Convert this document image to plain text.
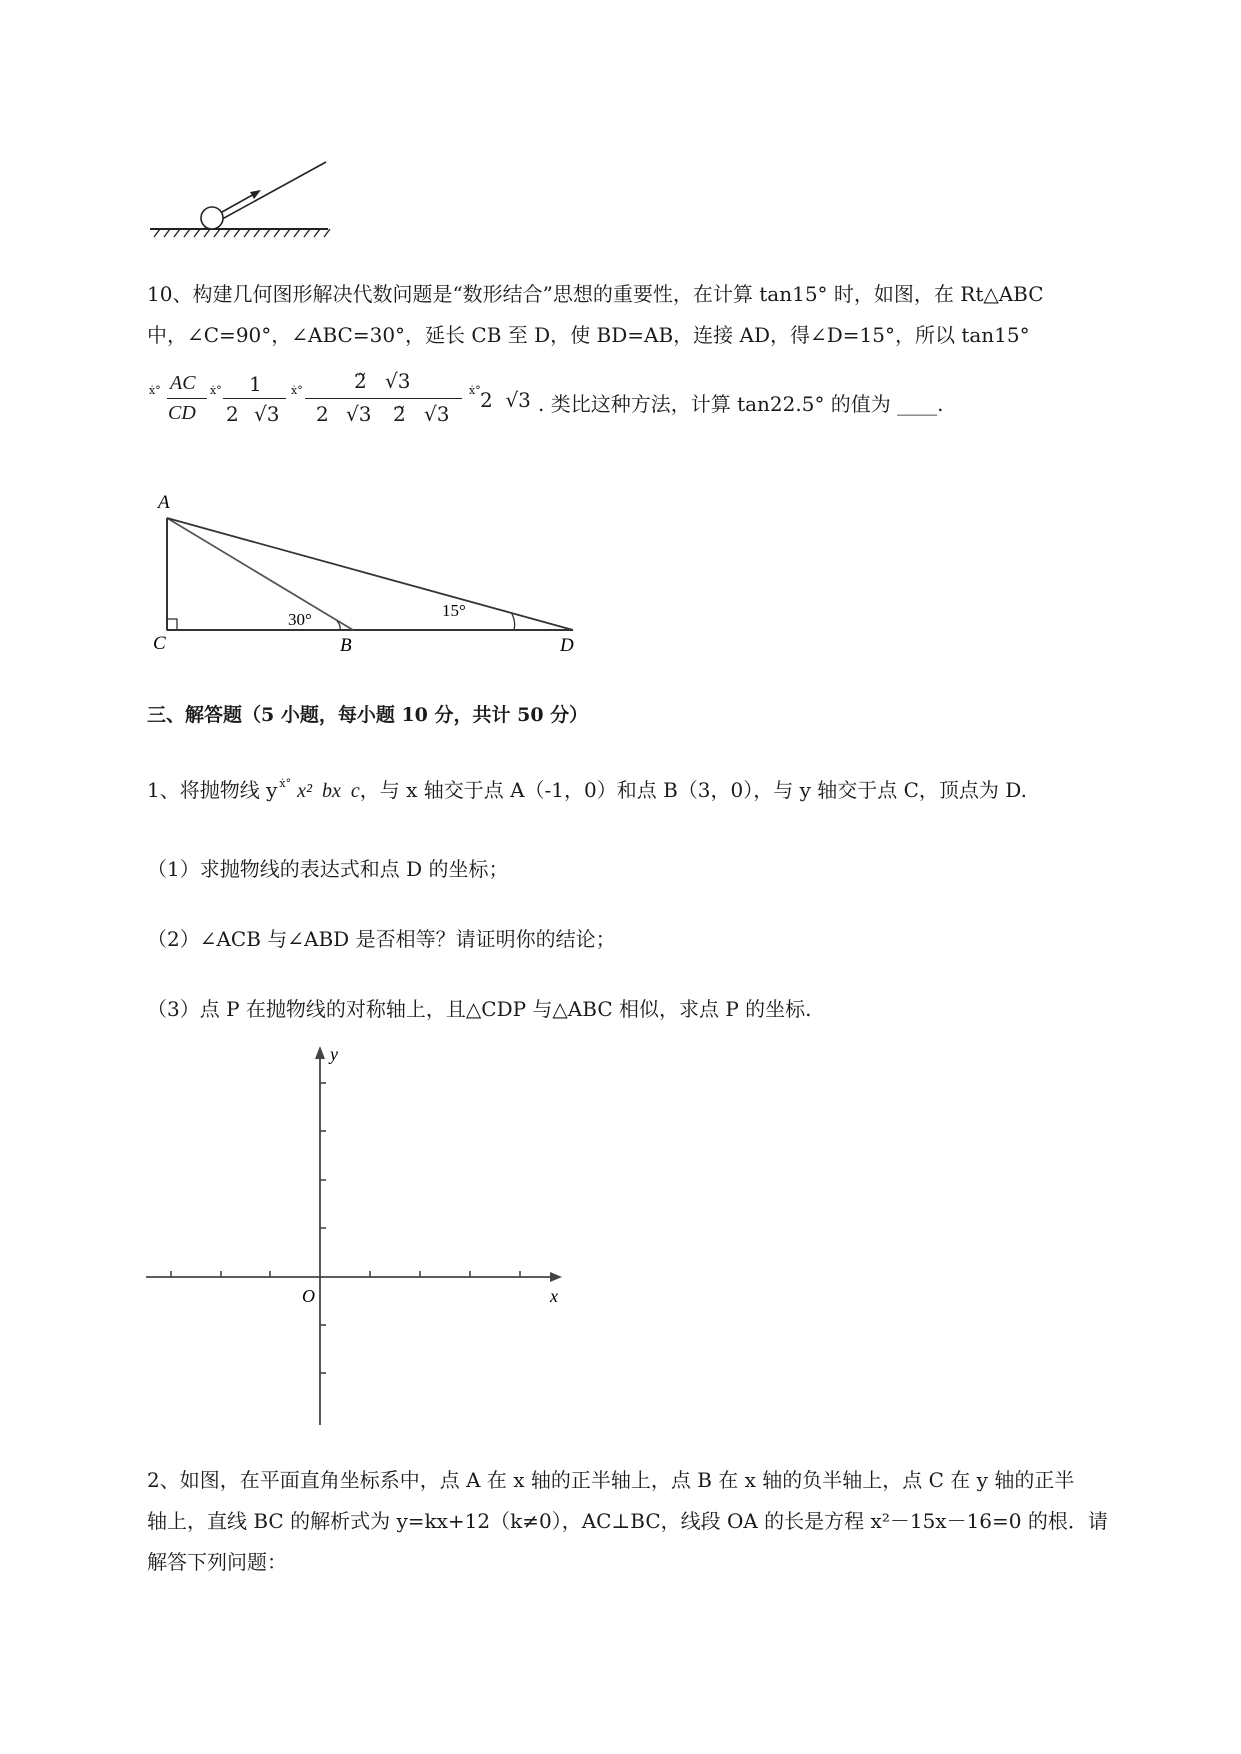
10、构建几何图形解决代数问题是“数形结合”思想的重要性，在计算 tan15° 时，如图，在 Rt△ABC
中，∠C=90°，∠ABC=30°，延长 CB 至 D，使 BD=AB，连接 AD，得∠D=15°，所以 tan15°
ẋ° AC
CD
ẋ° 1
2 √3
ẋ°	2̃ √3
2 √3 2̃ √3
ẋ° 2  √3 . 类比这种方法，计算 tan22.5° 的值为 ____.
A
C	B	D
30°	15°
三、解答题（5 小题，每小题 10 分，共计 50 分）
1、将抛物线 y $^{ẋ^\circ}$ x²  bx  c，与 x 轴交于点 A（-1，0）和点 B（3，0），与 y 轴交于点 C，顶点为 D.
（1）求抛物线的表达式和点 D 的坐标；
（2）∠ACB 与∠ABD 是否相等？请证明你的结论；
（3）点 P 在抛物线的对称轴上，且△CDP 与△ABC 相似，求点 P 的坐标.
y
x
O
2、如图，在平面直角坐标系中，点 A 在 x 轴的正半轴上，点 B 在 x 轴的负半轴上，点 C 在 y 轴的正半
轴上，直线 BC 的解析式为 y=kx+12（k≠0），AC⊥BC，线段 OA 的长是方程 x²－15x－16=0 的根．请
解答下列问题：
